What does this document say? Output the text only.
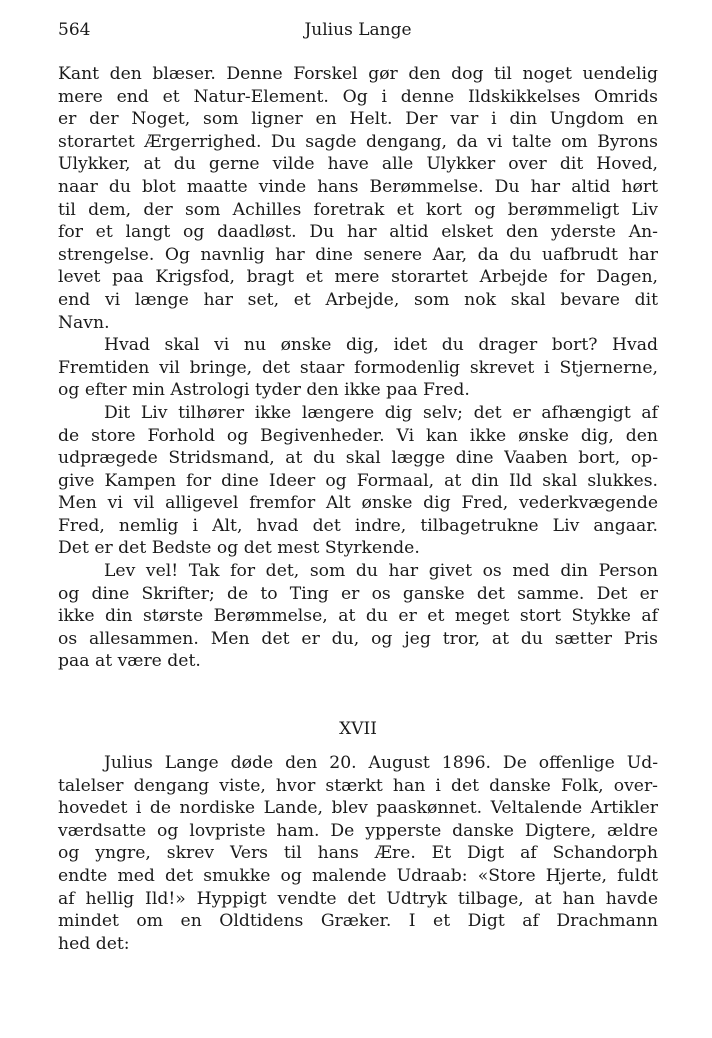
564	Julius Lange
Kant den blæser. Denne Forskel gør den dog til noget uendelig
mere end et Natur-Element. Og i denne Ildskikkelses Omrids
er der Noget, som ligner en Helt. Der var i din Ungdom en
storartet Ærgerrighed. Du sagde dengang, da vi talte om Byrons
Ulykker, at du gerne vilde have alle Ulykker over dit Hoved,
naar du blot maatte vinde hans Berømmelse. Du har altid hørt
til dem, der som Achilles foretrak et kort og berømmeligt Liv
for et langt og daadløst. Du har altid elsket den yderste An-
strengelse. Og navnlig har dine senere Aar, da du uafbrudt har
levet paa Krigsfod, bragt et mere storartet Arbejde for Dagen,
end vi længe har set, et Arbejde, som nok skal bevare dit
Navn.
Hvad skal vi nu ønske dig, idet du drager bort? Hvad
Fremtiden vil bringe, det staar formodenlig skrevet i Stjernerne,
og efter min Astrologi tyder den ikke paa Fred.
Dit Liv tilhører ikke længere dig selv; det er afhængigt af
de store Forhold og Begivenheder. Vi kan ikke ønske dig, den
udprægede Stridsmand, at du skal lægge dine Vaaben bort, op-
give Kampen for dine Ideer og Formaal, at din Ild skal slukkes.
Men vi vil alligevel fremfor Alt ønske dig Fred, vederkvægende
Fred, nemlig i Alt, hvad det indre, tilbagetrukne Liv angaar.
Det er det Bedste og det mest Styrkende.
Lev vel! Tak for det, som du har givet os med din Person
og dine Skrifter; de to Ting er os ganske det samme. Det er
ikke din største Berømmelse, at du er et meget stort Stykke af
os allesammen. Men det er du, og jeg tror, at du sætter Pris
paa at være det.
XVII
Julius Lange døde den 20. August 1896. De offenlige Ud-
talelser dengang viste, hvor stærkt han i det danske Folk, over-
hovedet i de nordiske Lande, blev paaskønnet. Veltalende Artikler
værdsatte og lovpriste ham. De ypperste danske Digtere, ældre
og yngre, skrev Vers til hans Ære. Et Digt af Schandorph
endte med det smukke og malende Udraab: «Store Hjerte, fuldt
af hellig Ild!» Hyppigt vendte det Udtryk tilbage, at han havde
mindet om en Oldtidens Græker. I et Digt af Drachmann
hed det:
